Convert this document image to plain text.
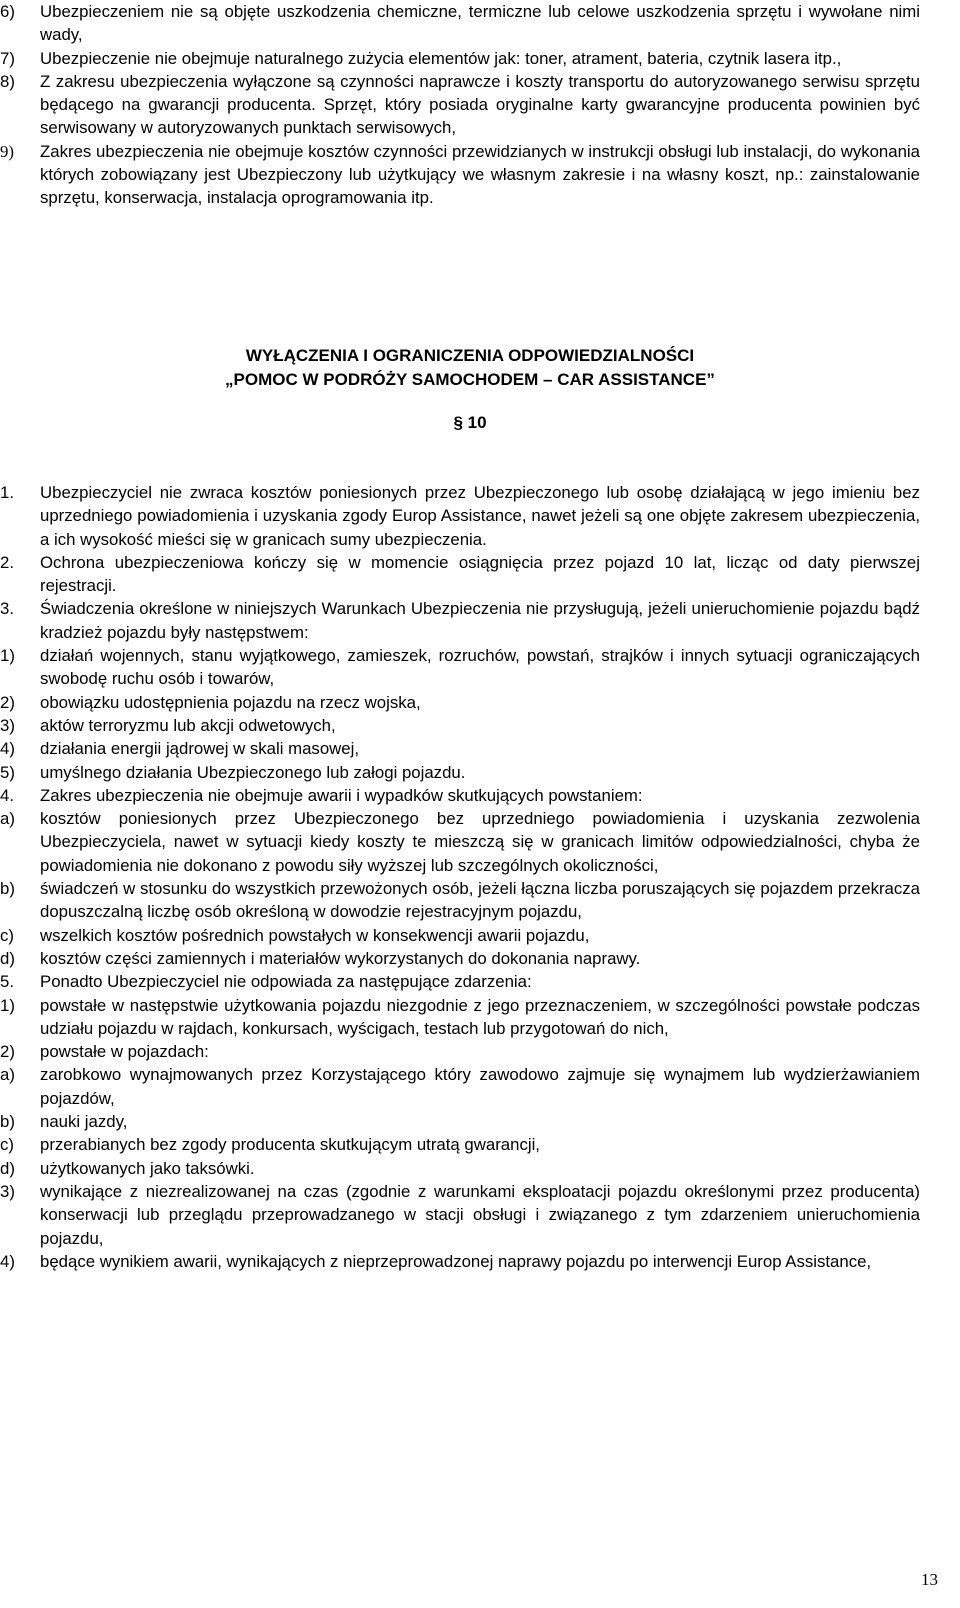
6) Ubezpieczeniem nie są objęte uszkodzenia chemiczne, termiczne lub celowe uszkodzenia sprzętu i wywołane nimi wady,
7) Ubezpieczenie nie obejmuje naturalnego zużycia elementów jak: toner, atrament, bateria, czytnik lasera itp.,
8) Z zakresu ubezpieczenia wyłączone są czynności naprawcze i koszty transportu do autoryzowanego serwisu sprzętu będącego na gwarancji producenta. Sprzęt, który posiada oryginalne karty gwarancyjne producenta powinien być serwisowany w autoryzowanych punktach serwisowych,
9) Zakres ubezpieczenia nie obejmuje kosztów czynności przewidzianych w instrukcji obsługi lub instalacji, do wykonania których zobowiązany jest Ubezpieczony lub użytkujący we własnym zakresie i na własny koszt, np.: zainstalowanie sprzętu, konserwacja, instalacja oprogramowania itp.
WYŁĄCZENIA I OGRANICZENIA ODPOWIEDZIALNOŚCI
„POMOC W PODRÓŻY SAMOCHODEM – CAR ASSISTANCE”
§ 10
1. Ubezpieczyciel nie zwraca kosztów poniesionych przez Ubezpieczonego lub osobę działającą w jego imieniu bez uprzedniego powiadomienia i uzyskania zgody Europ Assistance, nawet jeżeli są one objęte zakresem ubezpieczenia, a ich wysokość mieści się w granicach sumy ubezpieczenia.
2. Ochrona ubezpieczeniowa kończy się w momencie osiągnięcia przez pojazd 10 lat, licząc od daty pierwszej rejestracji.
3. Świadczenia określone w niniejszych Warunkach Ubezpieczenia nie przysługują, jeżeli unieruchomienie pojazdu bądź kradzież pojazdu były następstwem:
1) działań wojennych, stanu wyjątkowego, zamieszek, rozruchów, powstań, strajków i innych sytuacji ograniczających swobodę ruchu osób i towarów,
2) obowiązku udostępnienia pojazdu na rzecz wojska,
3) aktów terroryzmu lub akcji odwetowych,
4) działania energii jądrowej w skali masowej,
5) umyślnego działania Ubezpieczonego lub załogi pojazdu.
4. Zakres ubezpieczenia nie obejmuje awarii i wypadków skutkujących powstaniem:
a) kosztów poniesionych przez Ubezpieczonego bez uprzedniego powiadomienia i uzyskania zezwolenia Ubezpieczyciela, nawet w sytuacji kiedy koszty te mieszczą się w granicach limitów odpowiedzialności, chyba że powiadomienia nie dokonano z powodu siły wyższej lub szczególnych okoliczności,
b) świadczeń w stosunku do wszystkich przewożonych osób, jeżeli łączna liczba poruszających się pojazdem przekracza dopuszczalną liczbę osób określoną w dowodzie rejestracyjnym pojazdu,
c) wszelkich kosztów pośrednich powstałych w konsekwencji awarii pojazdu,
d) kosztów części zamiennych i materiałów wykorzystanych do dokonania naprawy.
5. Ponadto Ubezpieczyciel nie odpowiada za następujące zdarzenia:
1) powstałe w następstwie użytkowania pojazdu niezgodnie z jego przeznaczeniem, w szczególności powstałe podczas udziału pojazdu w rajdach, konkursach, wyścigach, testach lub przygotowań do nich,
2) powstałe w pojazdach:
a) zarobkowo wynajmowanych przez Korzystającego który zawodowo zajmuje się wynajmem lub wydzierżawianiem pojazdów,
b) nauki jazdy,
c) przerabianych bez zgody producenta skutkującym utratą gwarancji,
d) użytkowanych jako taksówki.
3) wynikające z niezrealizowanej na czas (zgodnie z warunkami eksploatacji pojazdu określonymi przez producenta) konserwacji lub przeglądu przeprowadzanego w stacji obsługi i związanego z tym zdarzeniem unieruchomienia pojazdu,
4) będące wynikiem awarii, wynikających z nieprzeprowadzonej naprawy pojazdu po interwencji Europ Assistance,
13
